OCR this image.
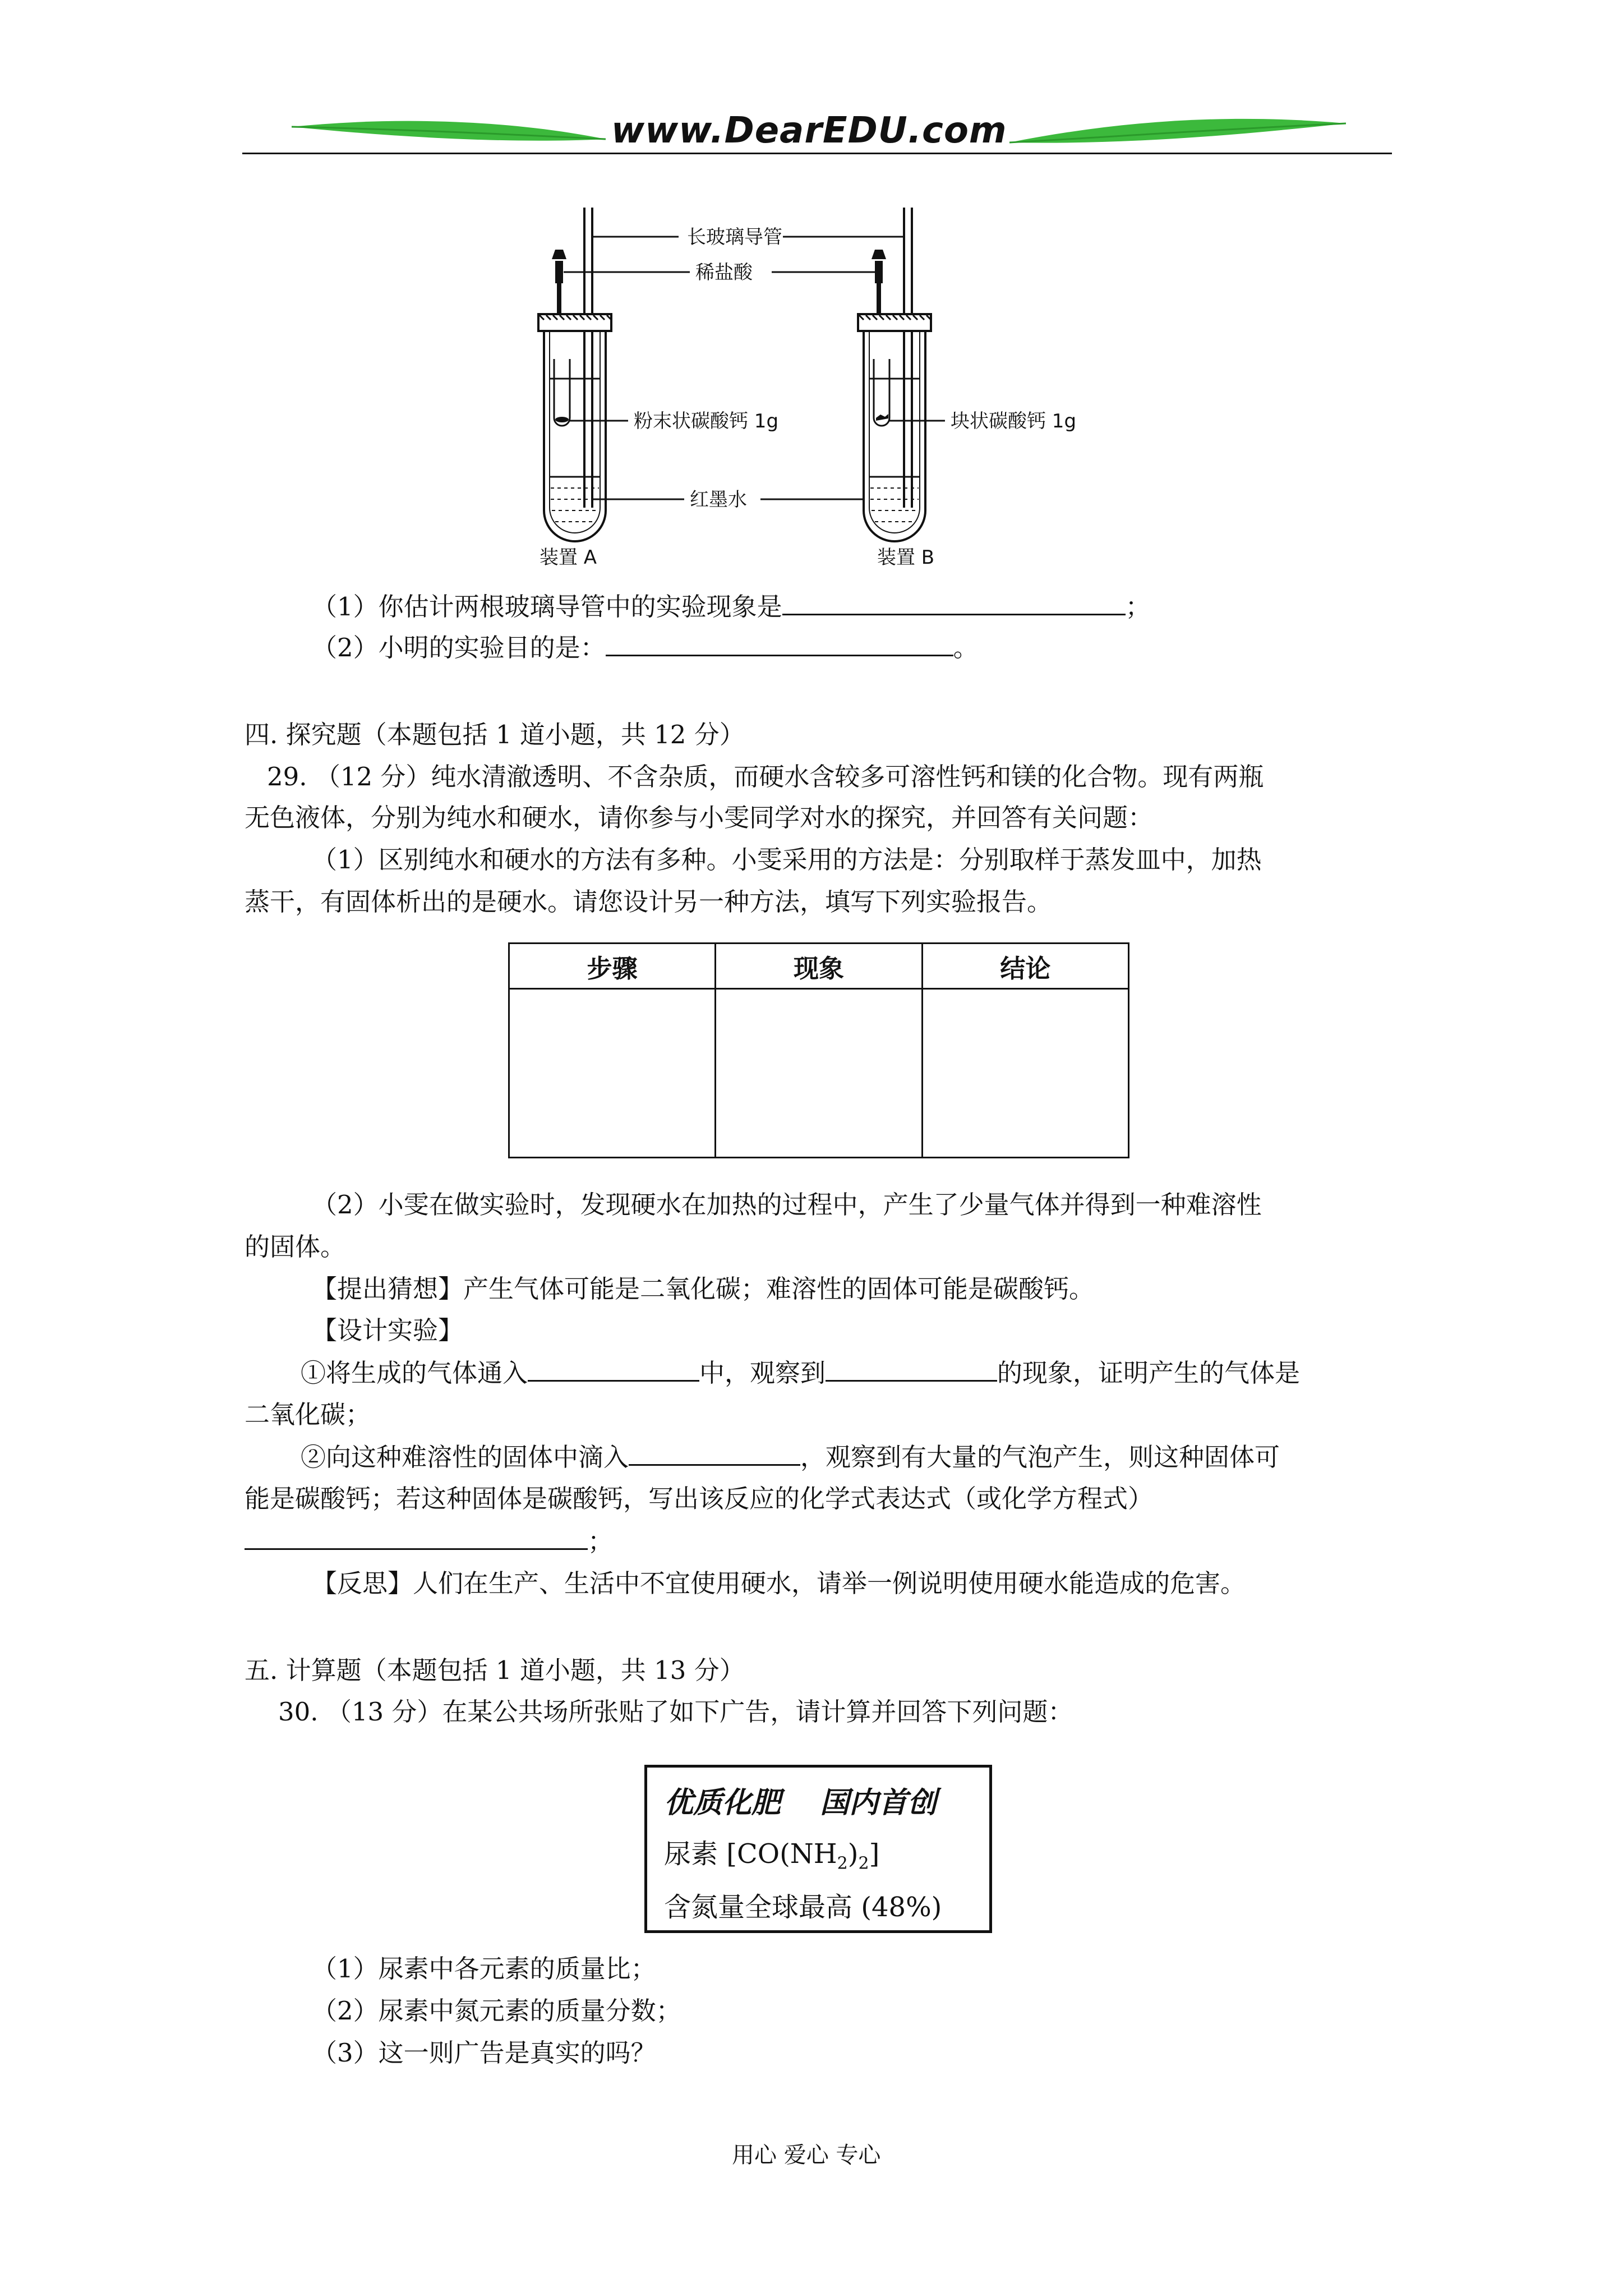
www.DearEDU.com
长玻璃导管
稀盐酸
粉末状碳酸钙 1g	块状碳酸钙 1g
红墨水
装置 A	装置 B
（1）你估计两根玻璃导管中的实验现象是	；
（2）小明的实验目的是：	。
四. 探究题（本题包括 1 道小题，共 12 分）
29. （12 分）纯水清澈透明、不含杂质，而硬水含较多可溶性钙和镁的化合物。现有两瓶
无色液体，分别为纯水和硬水，请你参与小雯同学对水的探究，并回答有关问题：
（1）区别纯水和硬水的方法有多种。小雯采用的方法是：分别取样于蒸发皿中，加热
蒸干，有固体析出的是硬水。请您设计另一种方法，填写下列实验报告。
步骤	现象	结论

（2）小雯在做实验时，发现硬水在加热的过程中，产生了少量气体并得到一种难溶性
的固体。
【提出猜想】产生气体可能是二氧化碳；难溶性的固体可能是碳酸钙。
【设计实验】
①将生成的气体通入	中，观察到	的现象，证明产生的气体是
二氧化碳；
②向这种难溶性的固体中滴入	，观察到有大量的气泡产生，则这种固体可
能是碳酸钙；若这种固体是碳酸钙，写出该反应的化学式表达式（或化学方程式）
；
【反思】人们在生产、生活中不宜使用硬水，请举一例说明使用硬水能造成的危害。
五. 计算题（本题包括 1 道小题，共 13 分）
30. （13 分）在某公共场所张贴了如下广告，请计算并回答下列问题：
优质化肥　 国内首创
尿素 $[CO(NH_2)_2]$
含氮量全球最高 (48%)
（1）尿素中各元素的质量比；
（2）尿素中氮元素的质量分数；
（3）这一则广告是真实的吗？
用心 爱心 专心
